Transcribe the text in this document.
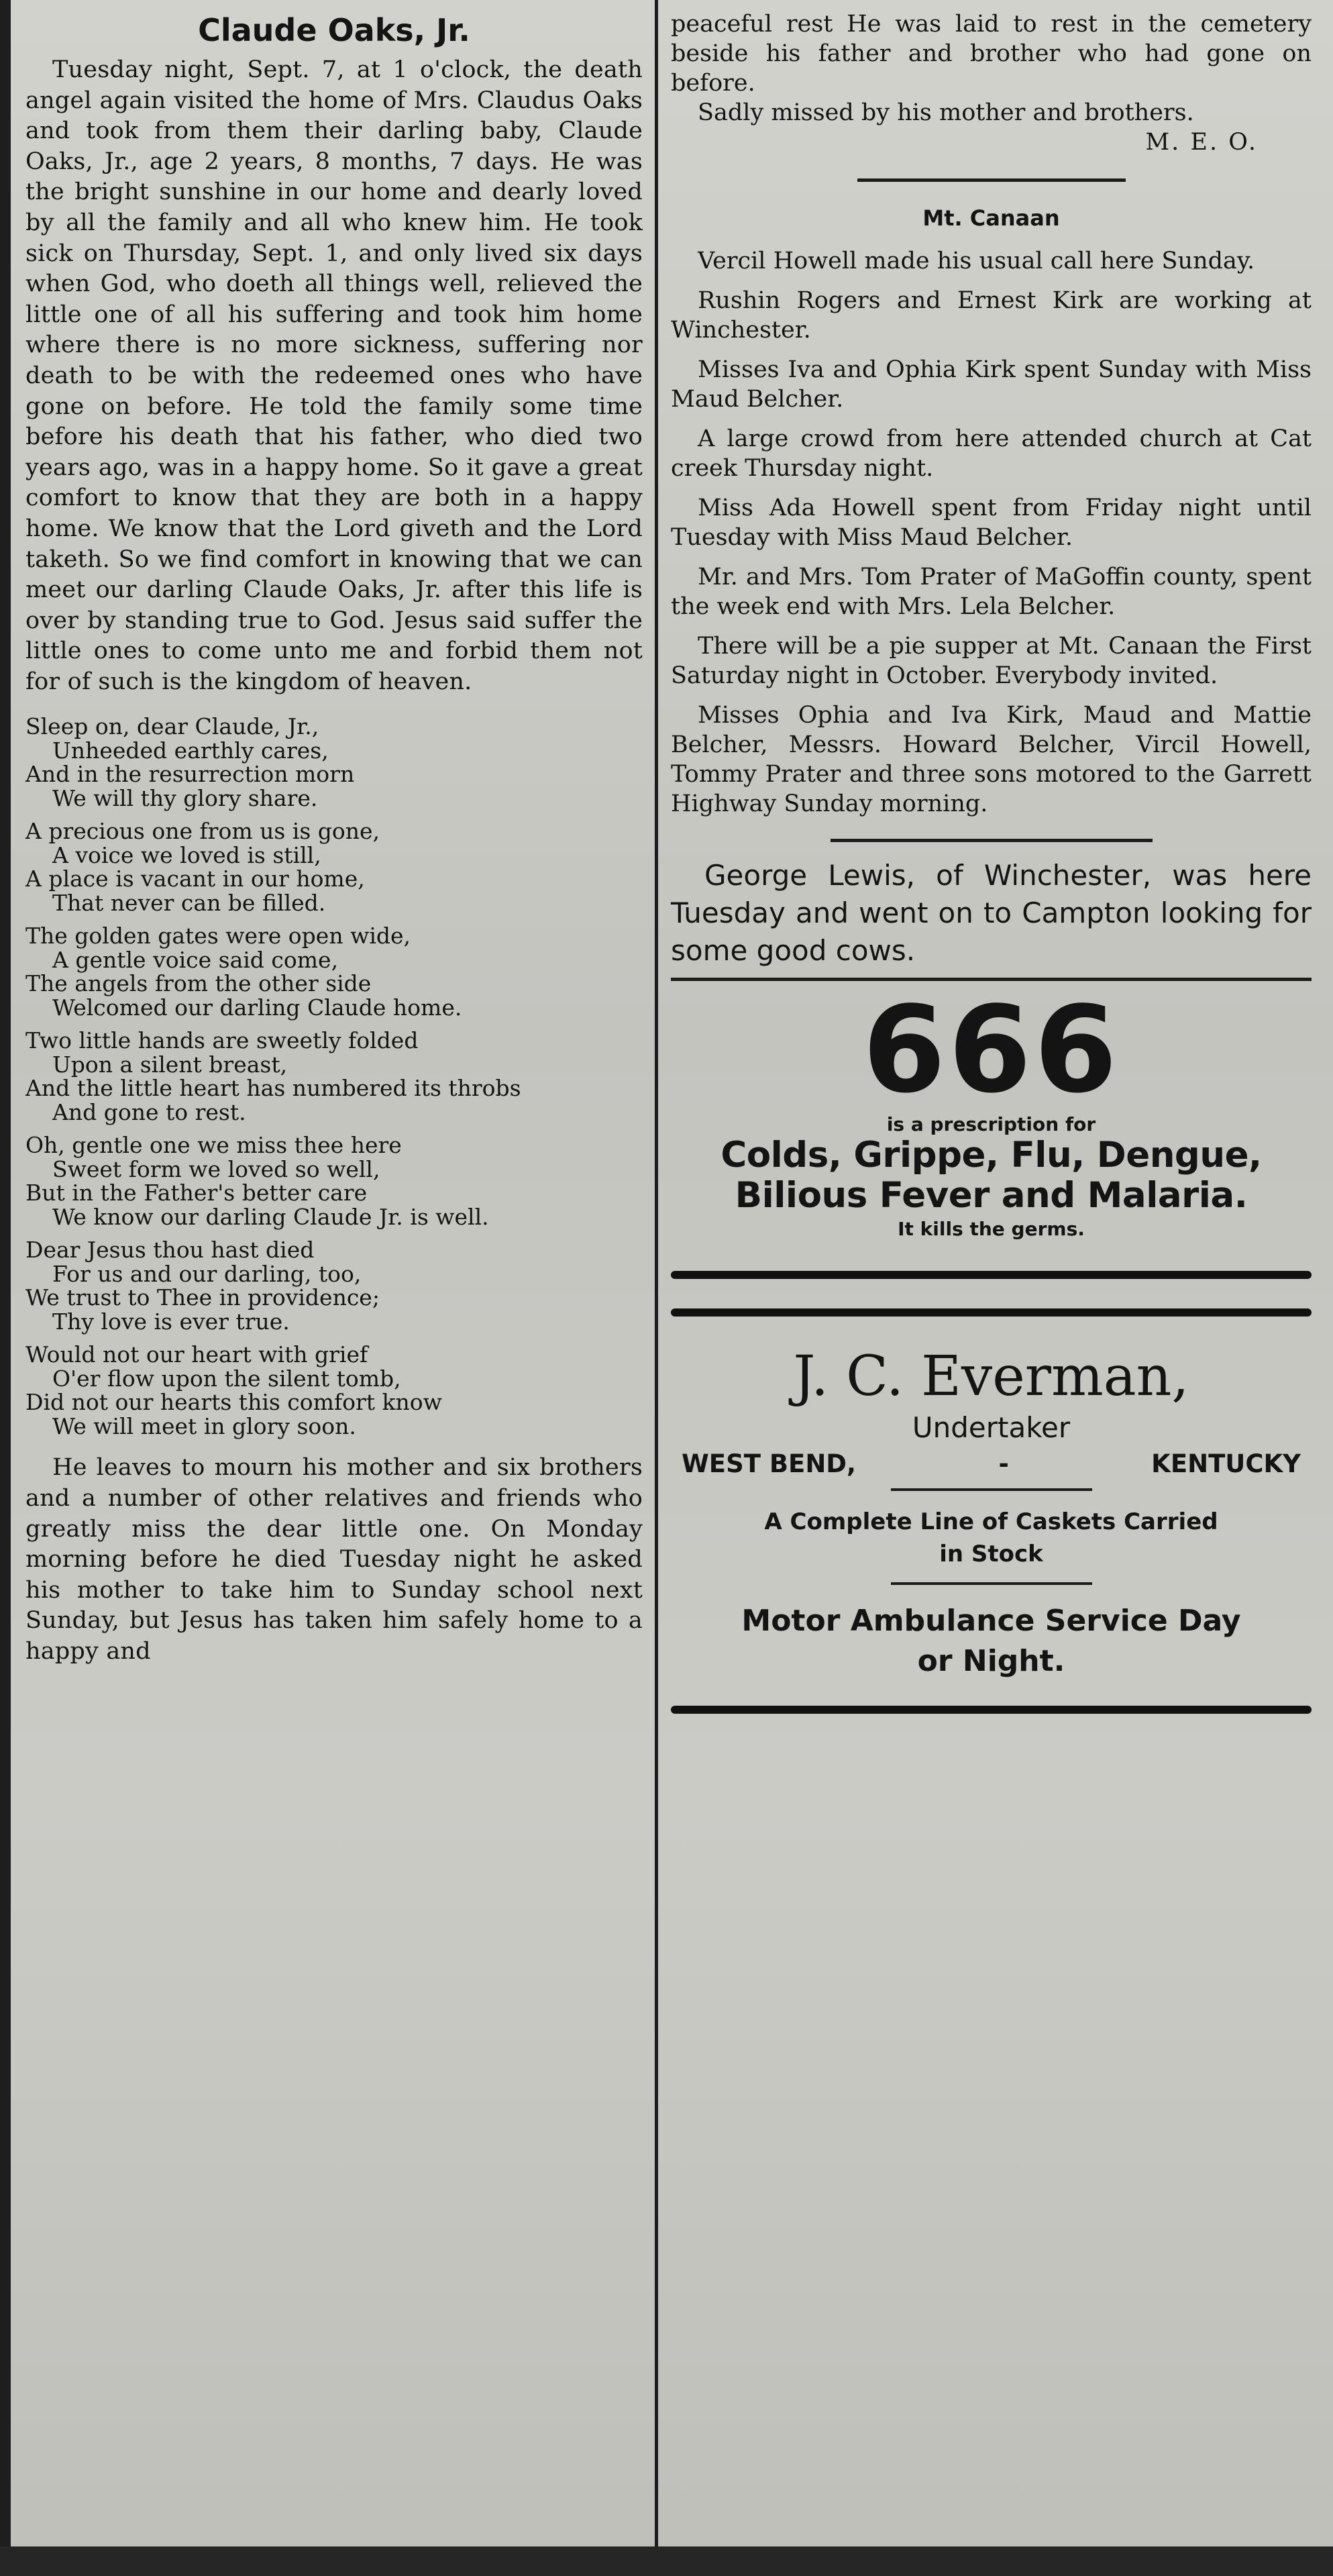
Claude Oaks, Jr.

Tuesday night, Sept. 7, at 1 o'clock, the death angel again visited the home of Mrs. Claudus Oaks and took from them their darling baby, Claude Oaks, Jr., age 2 years, 8 months, 7 days. He was the bright sunshine in our home and dearly loved by all the family and all who knew him. He took sick on Thursday, Sept. 1, and only lived six days when God, who doeth all things well, relieved the little one of all his suffering and took him home where there is no more sickness, suffering nor death to be with the redeemed ones who have gone on before. He told the family some time before his death that his father, who died two years ago, was in a happy home. So it gave a great comfort to know that they are both in a happy home. We know that the Lord giveth and the Lord taketh. So we find comfort in knowing that we can meet our darling Claude Oaks, Jr. after this life is over by standing true to God. Jesus said suffer the little ones to come unto me and forbid them not for of such is the kingdom of heaven.

Sleep on, dear Claude, Jr.,
Unheeded earthly cares,
And in the resurrection morn
We will thy glory share.
A precious one from us is gone,
A voice we loved is still,
A place is vacant in our home,
That never can be filled.
The golden gates were open wide,
A gentle voice said come,
The angels from the other side
Welcomed our darling Claude home.
Two little hands are sweetly folded
Upon a silent breast,
And the little heart has numbered its throbs
And gone to rest.
Oh, gentle one we miss thee here
Sweet form we loved so well,
But in the Father's better care
We know our darling Claude Jr. is well.
Dear Jesus thou hast died
For us and our darling, too,
We trust to Thee in providence;
Thy love is ever true.
Would not our heart with grief
O'er flow upon the silent tomb,
Did not our hearts this comfort know
We will meet in glory soon.

He leaves to mourn his mother and six brothers and a number of other relatives and friends who greatly miss the dear little one. On Monday morning before he died Tuesday night he asked his mother to take him to Sunday school next Sunday, but Jesus has taken him safely home to a happy and

peaceful rest He was laid to rest in the cemetery beside his father and brother who had gone on before.

Sadly missed by his mother and brothers.

M. E. O.

Mt. Canaan

Vercil Howell made his usual call here Sunday.

Rushin Rogers and Ernest Kirk are working at Winchester.

Misses Iva and Ophia Kirk spent Sunday with Miss Maud Belcher.

A large crowd from here attended church at Cat creek Thursday night.

Miss Ada Howell spent from Friday night until Tuesday with Miss Maud Belcher.

Mr. and Mrs. Tom Prater of MaGoffin county, spent the week end with Mrs. Lela Belcher.

There will be a pie supper at Mt. Canaan the First Saturday night in October. Everybody invited.

Misses Ophia and Iva Kirk, Maud and Mattie Belcher, Messrs. Howard Belcher, Vircil Howell, Tommy Prater and three sons motored to the Garrett Highway Sunday morning.

George Lewis, of Winchester, was here Tuesday and went on to Campton looking for some good cows.

666
is a prescription for
Colds, Grippe, Flu, Dengue,
Bilious Fever and Malaria.
It kills the germs.
J. C. Everman,
Undertaker
WEST BEND,	-	KENTUCKY
A Complete Line of Caskets Carried
in Stock
Motor Ambulance Service Day
or Night.
